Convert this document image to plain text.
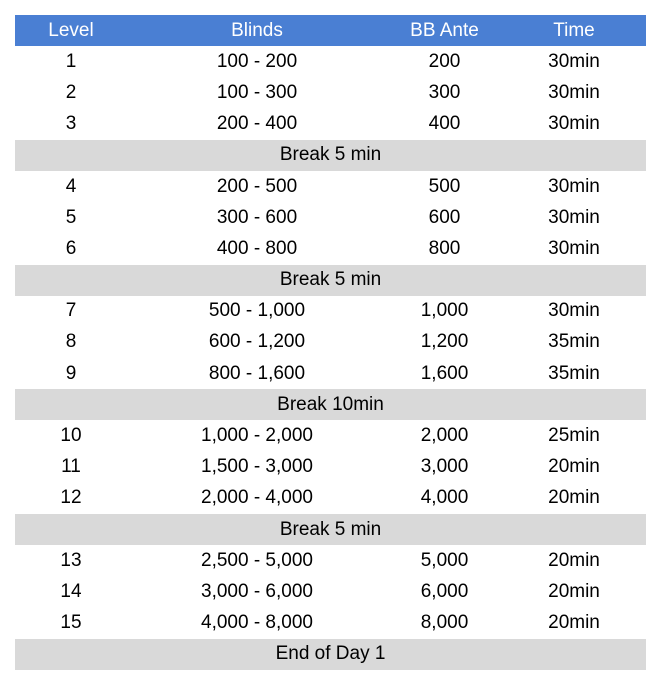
Level	Blinds	BB Ante	Time
1	100 - 200	200	30min
2	100 - 300	300	30min
3	200 - 400	400	30min
Break 5 min
4	200 - 500	500	30min
5	300 - 600	600	30min
6	400 - 800	800	30min
Break 5 min
7	500 - 1,000	1,000	30min
8	600 - 1,200	1,200	35min
9	800 - 1,600	1,600	35min
Break 10min
10	1,000 - 2,000	2,000	25min
11	1,500 - 3,000	3,000	20min
12	2,000 - 4,000	4,000	20min
Break 5 min
13	2,500 - 5,000	5,000	20min
14	3,000 - 6,000	6,000	20min
15	4,000 - 8,000	8,000	20min
End of Day 1
